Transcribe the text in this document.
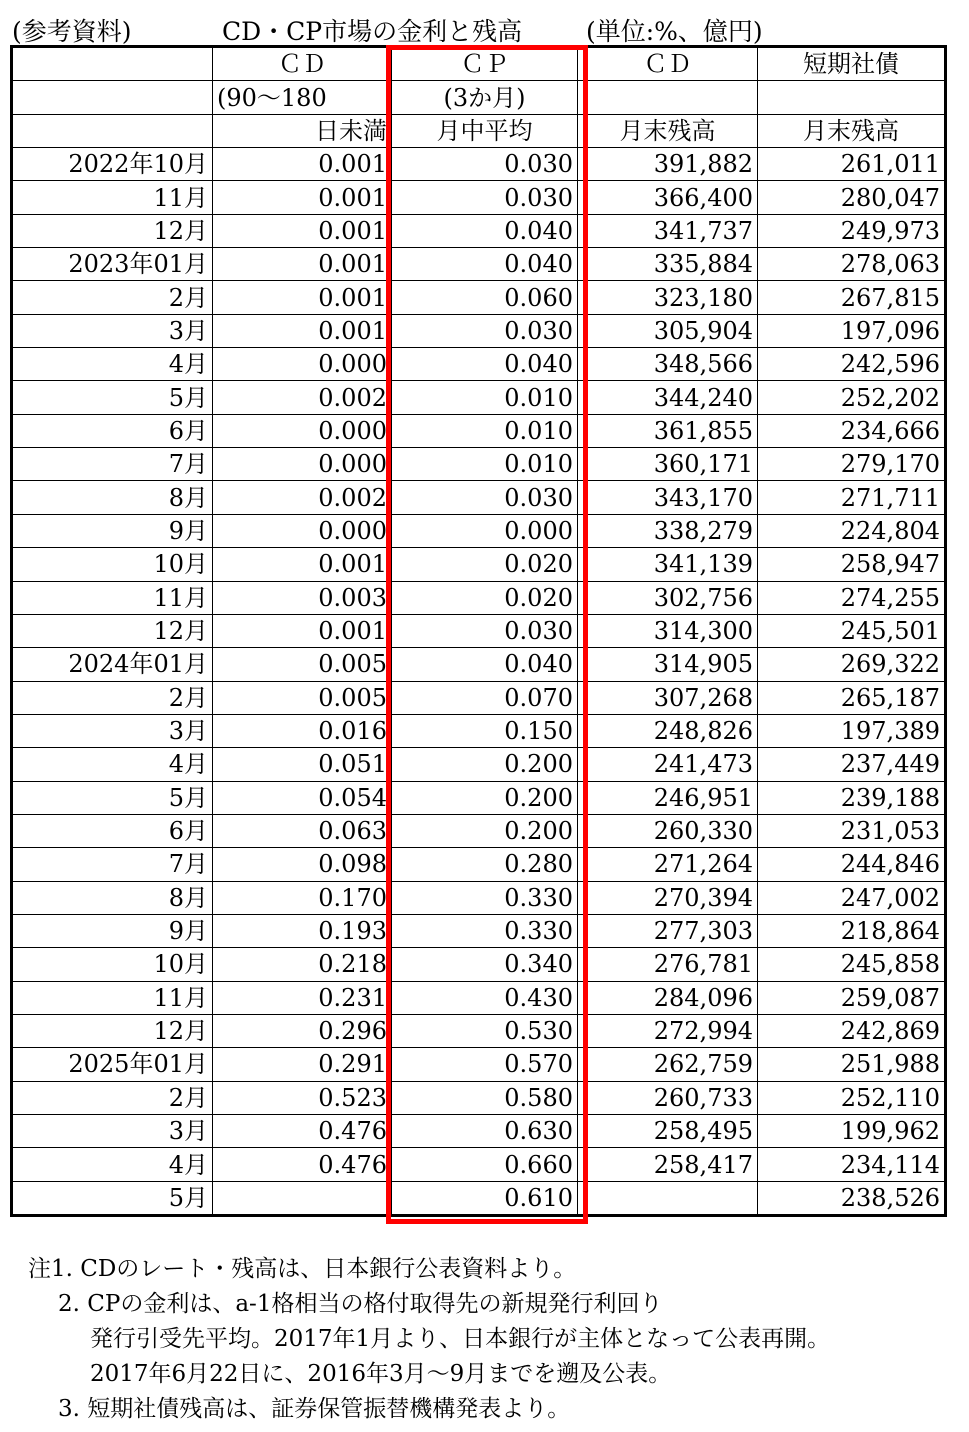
(参考資料)	CD・CP市場の金利と残高	(単位:%、億円)
	ＣＤ	ＣＰ	ＣＤ	短期社債
	(90～180	(3か月)		
	日未満	月中平均	月末残高	月末残高
2022年10月	0.001	0.030	391,882	261,011
11月	0.001	0.030	366,400	280,047
12月	0.001	0.040	341,737	249,973
2023年01月	0.001	0.040	335,884	278,063
2月	0.001	0.060	323,180	267,815
3月	0.001	0.030	305,904	197,096
4月	0.000	0.040	348,566	242,596
5月	0.002	0.010	344,240	252,202
6月	0.000	0.010	361,855	234,666
7月	0.000	0.010	360,171	279,170
8月	0.002	0.030	343,170	271,711
9月	0.000	0.000	338,279	224,804
10月	0.001	0.020	341,139	258,947
11月	0.003	0.020	302,756	274,255
12月	0.001	0.030	314,300	245,501
2024年01月	0.005	0.040	314,905	269,322
2月	0.005	0.070	307,268	265,187
3月	0.016	0.150	248,826	197,389
4月	0.051	0.200	241,473	237,449
5月	0.054	0.200	246,951	239,188
6月	0.063	0.200	260,330	231,053
7月	0.098	0.280	271,264	244,846
8月	0.170	0.330	270,394	247,002
9月	0.193	0.330	277,303	218,864
10月	0.218	0.340	276,781	245,858
11月	0.231	0.430	284,096	259,087
12月	0.296	0.530	272,994	242,869
2025年01月	0.291	0.570	262,759	251,988
2月	0.523	0.580	260,733	252,110
3月	0.476	0.630	258,495	199,962
4月	0.476	0.660	258,417	234,114
5月		0.610		238,526
注1. CDのレート・残高は、日本銀行公表資料より。
2. CPの金利は、a-1格相当の格付取得先の新規発行利回り
発行引受先平均。2017年1月より、日本銀行が主体となって公表再開。
2017年6月22日に、2016年3月～9月までを遡及公表。
3. 短期社債残高は、証券保管振替機構発表より。
